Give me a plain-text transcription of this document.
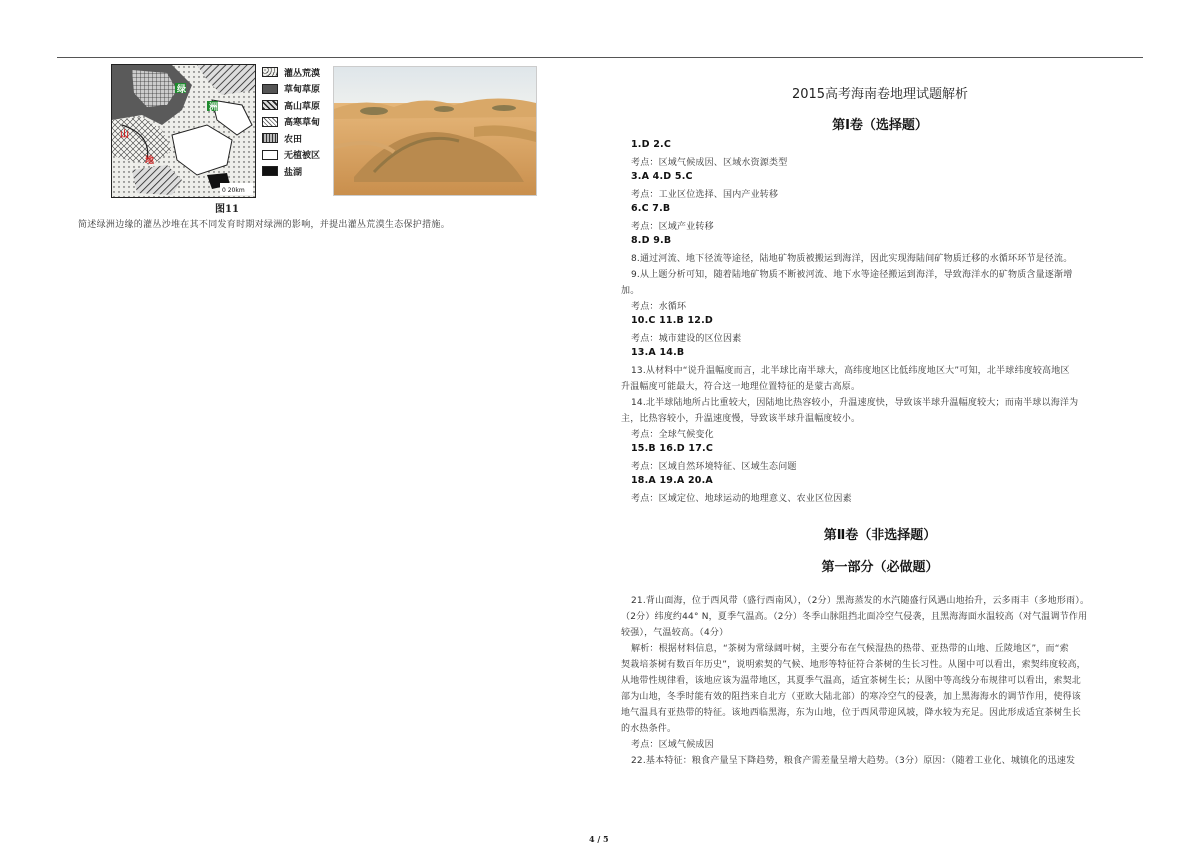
绿
洲
山
地
0 20km
灌丛荒漠
草甸草原
高山草原
高寒草甸
农田
无植被区
盐湖
图11
简述绿洲边缘的灌丛沙堆在其不同发育时期对绿洲的影响，并提出灌丛荒漠生态保护措施。
2015高考海南卷地理试题解析
第Ⅰ卷（选择题）
1.D 2.C
考点：区域气候成因、区域水资源类型
3.A 4.D 5.C
考点：工业区位选择、国内产业转移
6.C 7.B
考点：区域产业转移
8.D 9.B
8.通过河流、地下径流等途径，陆地矿物质被搬运到海洋，因此实现海陆间矿物质迁移的水循环环节是径流。
9.从上题分析可知，随着陆地矿物质不断被河流、地下水等途径搬运到海洋，导致海洋水的矿物质含量逐渐增
加。
考点：水循环
10.C 11.B 12.D
考点：城市建设的区位因素
13.A 14.B
13.从材料中“说升温幅度而言，北半球比南半球大，高纬度地区比低纬度地区大”可知，北半球纬度较高地区
升温幅度可能最大，符合这一地理位置特征的是蒙古高原。
14.北半球陆地所占比重较大，因陆地比热容较小，升温速度快，导致该半球升温幅度较大；而南半球以海洋为
主，比热容较小，升温速度慢，导致该半球升温幅度较小。
考点：全球气候变化
15.B 16.D 17.C
考点：区域自然环境特征、区域生态问题
18.A 19.A 20.A
考点：区域定位、地球运动的地理意义、农业区位因素
第Ⅱ卷（非选择题）
第一部分（必做题）
21.背山面海，位于西风带（盛行西南风），（2分）黑海蒸发的水汽随盛行风遇山地抬升，云多雨丰（多地形雨）。
（2分）纬度约44° N，夏季气温高。（2分）冬季山脉阻挡北面冷空气侵袭，且黑海海面水温较高（对气温调节作用
较强），气温较高。（4分）
解析：根据材料信息，“茶树为常绿阔叶树，主要分布在气候湿热的热带、亚热带的山地、丘陵地区”，而“索
契栽培茶树有数百年历史”，说明索契的气候、地形等特征符合茶树的生长习性。从图中可以看出，索契纬度较高，
从地带性规律看，该地应该为温带地区，其夏季气温高，适宜茶树生长；从图中等高线分布规律可以看出，索契北
部为山地，冬季时能有效的阻挡来自北方（亚欧大陆北部）的寒冷空气的侵袭，加上黑海海水的调节作用，使得该
地气温具有亚热带的特征。该地西临黑海，东为山地，位于西风带迎风坡，降水较为充足。因此形成适宜茶树生长
的水热条件。
考点：区域气候成因
22.基本特征：粮食产量呈下降趋势，粮食产需差量呈增大趋势。（3分）原因：（随着工业化、城镇化的迅速发
4 / 5
